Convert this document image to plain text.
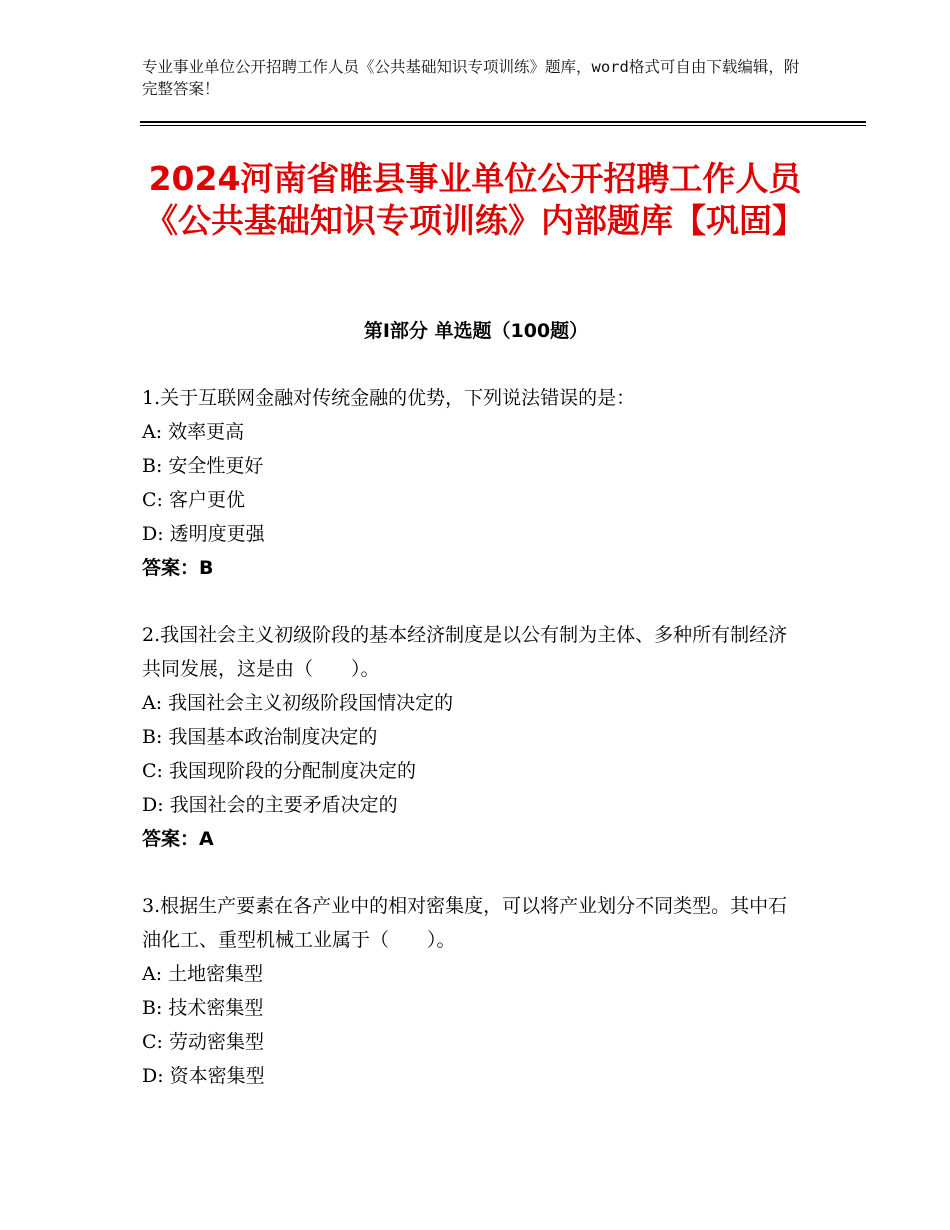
专业事业单位公开招聘工作人员《公共基础知识专项训练》题库，word格式可自由下载编辑，附完整答案！
2024河南省睢县事业单位公开招聘工作人员《公共基础知识专项训练》内部题库【巩固】
第Ⅰ部分 单选题（100题）
1.关于互联网金融对传统金融的优势，下列说法错误的是：
A: 效率更高
B: 安全性更好
C: 客户更优
D: 透明度更强
答案：B
2.我国社会主义初级阶段的基本经济制度是以公有制为主体、多种所有制经济共同发展，这是由（　　）。
A: 我国社会主义初级阶段国情决定的
B: 我国基本政治制度决定的
C: 我国现阶段的分配制度决定的
D: 我国社会的主要矛盾决定的
答案：A
3.根据生产要素在各产业中的相对密集度，可以将产业划分不同类型。其中石油化工、重型机械工业属于（　　）。
A: 土地密集型
B: 技术密集型
C: 劳动密集型
D: 资本密集型
